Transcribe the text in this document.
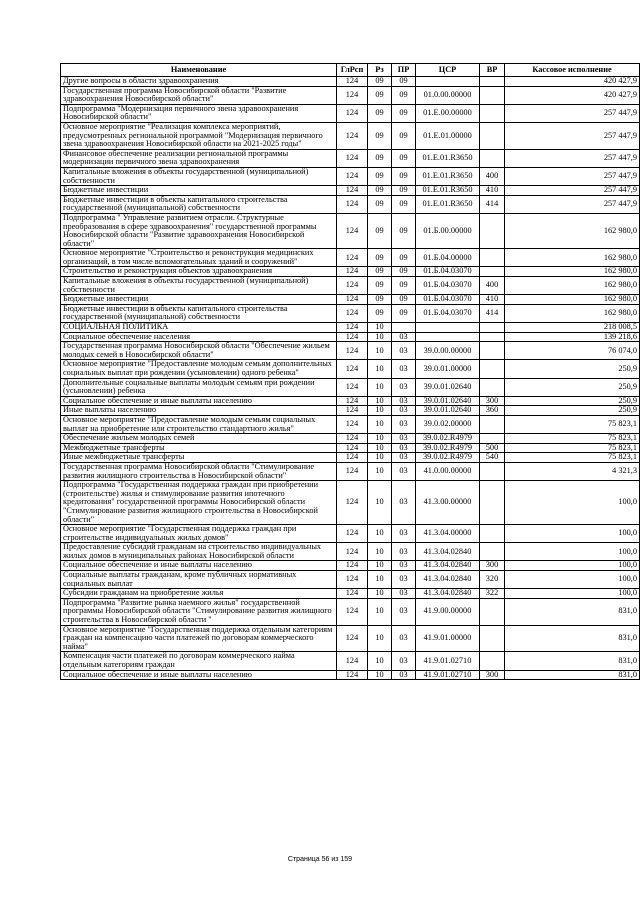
Наименование	ГлРсп	Рз	ПР	ЦСР	ВР	Кассовое исполнение
Другие вопросы в области здравоохранения	124	09	09			420 427,9
Государственная программа Новосибирской области "Развитие здравоохранения Новосибирской области"	124	09	09	01.0.00.00000		420 427,9
Подпрограмма "Модернизация первичного звена здравоохранения Новосибирской области"	124	09	09	01.E.00.00000		257 447,9
Основное мероприятие "Реализация комплекса мероприятий, предусмотренных региональной программой "Модернизация первичного звена здравоохранения Новосибирской области на 2021-2025 годы"	124	09	09	01.E.01.00000		257 447,9
Финансовое обеспечение реализации региональной программы модернизации первичного звена здравоохранения	124	09	09	01.E.01.R3650		257 447,9
Капитальные вложения в объекты государственной (муниципальной) собственности	124	09	09	01.E.01.R3650	400	257 447,9
Бюджетные инвестиции	124	09	09	01.E.01.R3650	410	257 447,9
Бюджетные инвестиции в объекты капитального строительства государственной (муниципальной) собственности	124	09	09	01.E.01.R3650	414	257 447,9
Подпрограмма " Управление развитием отрасли. Структурные преобразования в сфере здравоохранения" государственной программы Новосибирской области "Развитие здравоохранения Новосибирской области"	124	09	09	01.Б.00.00000		162 980,0
Основное мероприятие "Строительство и реконструкция медицинских организаций, в том числе вспомогательных зданий и сооружений"	124	09	09	01.Б.04.00000		162 980,0
Строительство и реконструкция объектов здравоохранения	124	09	09	01.Б.04.03070		162 980,0
Капитальные вложения в объекты государственной (муниципальной) собственности	124	09	09	01.Б.04.03070	400	162 980,0
Бюджетные инвестиции	124	09	09	01.Б.04.03070	410	162 980,0
Бюджетные инвестиции в объекты капитального строительства государственной (муниципальной) собственности	124	09	09	01.Б.04.03070	414	162 980,0
СОЦИАЛЬНАЯ ПОЛИТИКА	124	10				218 008,5
Социальное обеспечение населения	124	10	03			139 218,6
Государственная программа Новосибирской области "Обеспечение жильем молодых семей в Новосибирской области"	124	10	03	39.0.00.00000		76 074,0
Основное мероприятие "Предоставление молодым семьям дополнительных социальных выплат при рождении (усыновлении) одного ребенка"	124	10	03	39.0.01.00000		250,9
Дополнительные социальные выплаты молодым семьям при рождении (усыновлении) ребенка	124	10	03	39.0.01.02640		250,9
Социальное обеспечение и иные выплаты населению	124	10	03	39.0.01.02640	300	250,9
Иные выплаты населению	124	10	03	39.0.01.02640	360	250,9
Основное мероприятие "Предоставление молодым семьям социальных выплат на приобретение или строительство стандартного жилья"	124	10	03	39.0.02.00000		75 823,1
Обеспечение жильем молодых семей	124	10	03	39.0.02.R4979		75 823,1
Межбюджетные трансферты	124	10	03	39.0.02.R4979	500	75 823,1
Иные межбюджетные трансферты	124	10	03	39.0.02.R4979	540	75 823,1
Государственная программа Новосибирской области "Стимулирование развития жилищного строительства в Новосибирской области"	124	10	03	41.0.00.00000		4 321,3
Подпрограмма "Государственная поддержка граждан при приобретении (строительстве) жилья и стимулирование развития ипотечного кредитования" государственной программы Новосибирской области "Стимулирование развития жилищного строительства в Новосибирской области"	124	10	03	41.3.00.00000		100,0
Основное мероприятие "Государственная поддержка граждан при строительстве индивидуальных жилых домов"	124	10	03	41.3.04.00000		100,0
Предоставление субсидий гражданам на строительство индивидуальных жилых домов в муниципальных районах Новосибирской области	124	10	03	41.3.04.02840		100,0
Социальное обеспечение и иные выплаты населению	124	10	03	41.3.04.02840	300	100,0
Социальные выплаты гражданам, кроме публичных нормативных социальных выплат	124	10	03	41.3.04.02840	320	100,0
Субсидии гражданам на приобретение жилья	124	10	03	41.3.04.02840	322	100,0
Подпрограмма "Развитие рынка наемного жилья" государственной программы Новосибирской области "Стимулирование развития жилищного строительства в Новосибирской области "	124	10	03	41.9.00.00000		831,0
Основное мероприятие "Государственная поддержка отдельным категориям граждан на компенсацию части платежей по договорам коммерческого найма"	124	10	03	41.9.01.00000		831,0
Компенсация части платежей по договорам коммерческого найма отдельным категориям граждан	124	10	03	41.9.01.02710		831,0
Социальное обеспечение и иные выплаты населению	124	10	03	41.9.01.02710	300	831,0
Страница 56 из 159
